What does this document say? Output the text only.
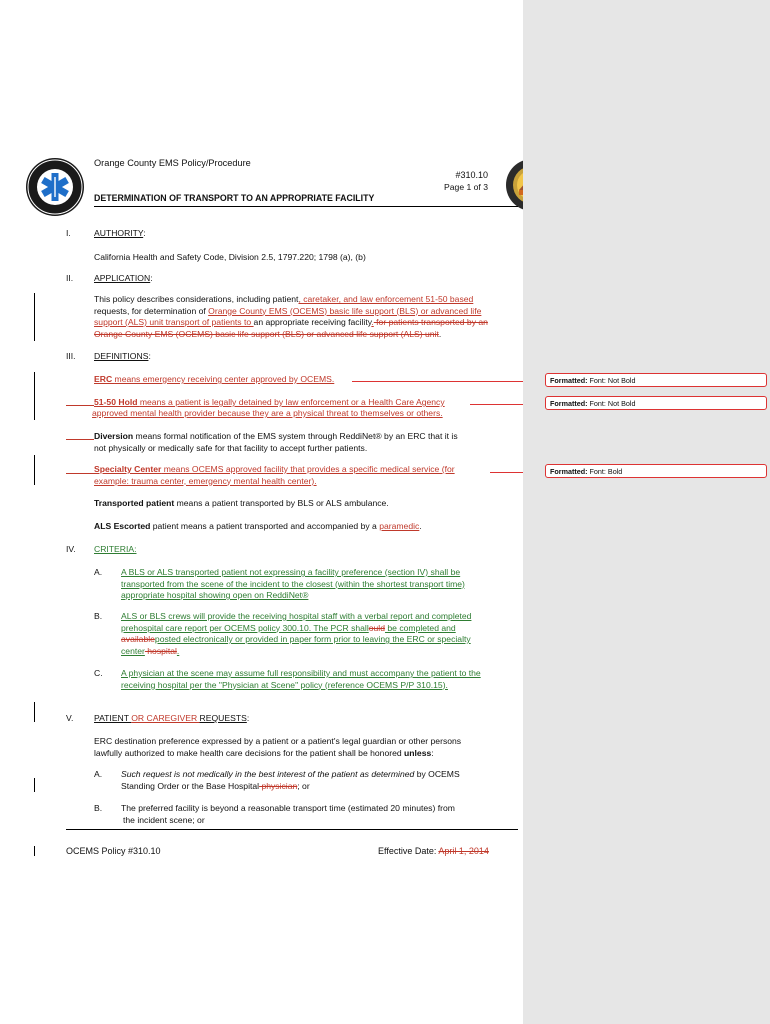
Orange County EMS Policy/Procedure
#310.10
Page 1 of 3
DETERMINATION OF TRANSPORT TO AN APPROPRIATE FACILITY
I.	AUTHORITY:
California Health and Safety Code, Division 2.5, 1797.220; 1798 (a), (b)
II. APPLICATION:
This policy describes considerations, including patient, caretaker, and law enforcement 51-50 based
requests, for determination of Orange County EMS (OCEMS) basic life support (BLS) or advanced life
support (ALS) unit transport of patients to an appropriate receiving facility. for patients transported by an
Orange County EMS (OCEMS) basic life support (BLS) or advanced life support (ALS) unit.
III. DEFINITIONS:
ERC means emergency receiving center approved by OCEMS.
51-50 Hold means a patient is legally detained by law enforcement or a Health Care Agency
approved mental health provider because they are a physical threat to themselves or others.
Diversion means formal notification of the EMS system through ReddiNet® by an ERC that it is
not physically or medically safe for that facility to accept further patients.
Specialty Center means OCEMS approved facility that provides a specific medical service (for
example: trauma center, emergency mental health center).
Transported patient means a patient transported by BLS or ALS ambulance.
ALS Escorted patient means a patient transported and accompanied by a paramedic.
IV. CRITERIA:
A. A BLS or ALS transported patient not expressing a facility preference (section IV) shall be
transported from the scene of the incident to the closest (within the shortest transport time)
appropriate hospital showing open on ReddiNet®
B. ALS or BLS crews will provide the receiving hospital staff with a verbal report and completed
prehospital care report per OCEMS policy 300.10. The PCR shallould be completed and
availableposted electronically or provided in paper form prior to leaving the ERC or specialty
center hospital.
C. A physician at the scene may assume full responsibility and must accompany the patient to the
receiving hospital per the "Physician at Scene" policy (reference OCEMS P/P 310.15).
V. PATIENT OR CAREGIVER REQUESTS:
ERC destination preference expressed by a patient or a patient's legal guardian or other persons
lawfully authorized to make health care decisions for the patient shall be honored unless:
A. Such request is not medically in the best interest of the patient as determined by OCEMS
Standing Order or the Base Hospital physician; or
B. The preferred facility is beyond a reasonable transport time (estimated 20 minutes) from
the incident scene; or
OCEMS Policy #310.10	Effective Date: April 1, 2014
Comment [DR1]:
Formatted: Font: Not Bold
Formatted: Font: Not Bold
Formatted: Font: Bold
